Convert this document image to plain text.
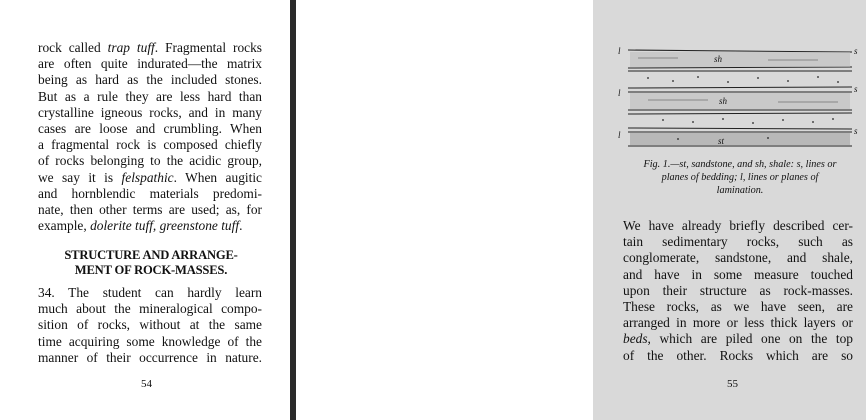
rock called trap tuff. Fragmental rocks
are often quite indurated—the matrix
being as hard as the included stones.
But as a rule they are less hard than
crystalline igneous rocks, and in many
cases are loose and crumbling. When
a fragmental rock is composed chiefly
of rocks belonging to the acidic group,
we say it is felspathic. When augitic
and hornblendic materials predomi-
nate, then other terms are used; as, for
example, dolerite tuff, greenstone tuff.
STRUCTURE AND ARRANGE-
MENT OF ROCK-MASSES.
34. The student can hardly learn
much about the mineralogical compo-
sition of rocks, without at the same
time acquiring some knowledge of the
manner of their occurrence in nature.
54
sh
sh
s
l
s
l
s
l
st
Fig. 1.—st, sandstone, and sh, shale: s, lines or
planes of bedding; l, lines or planes of
lamination.
We have already briefly described cer-
tain sedimentary rocks, such as
conglomerate, sandstone, and shale,
and have in some measure touched
upon their structure as rock-masses.
These rocks, as we have seen, are
arranged in more or less thick layers or
beds, which are piled one on the top
of the other. Rocks which are so
55
